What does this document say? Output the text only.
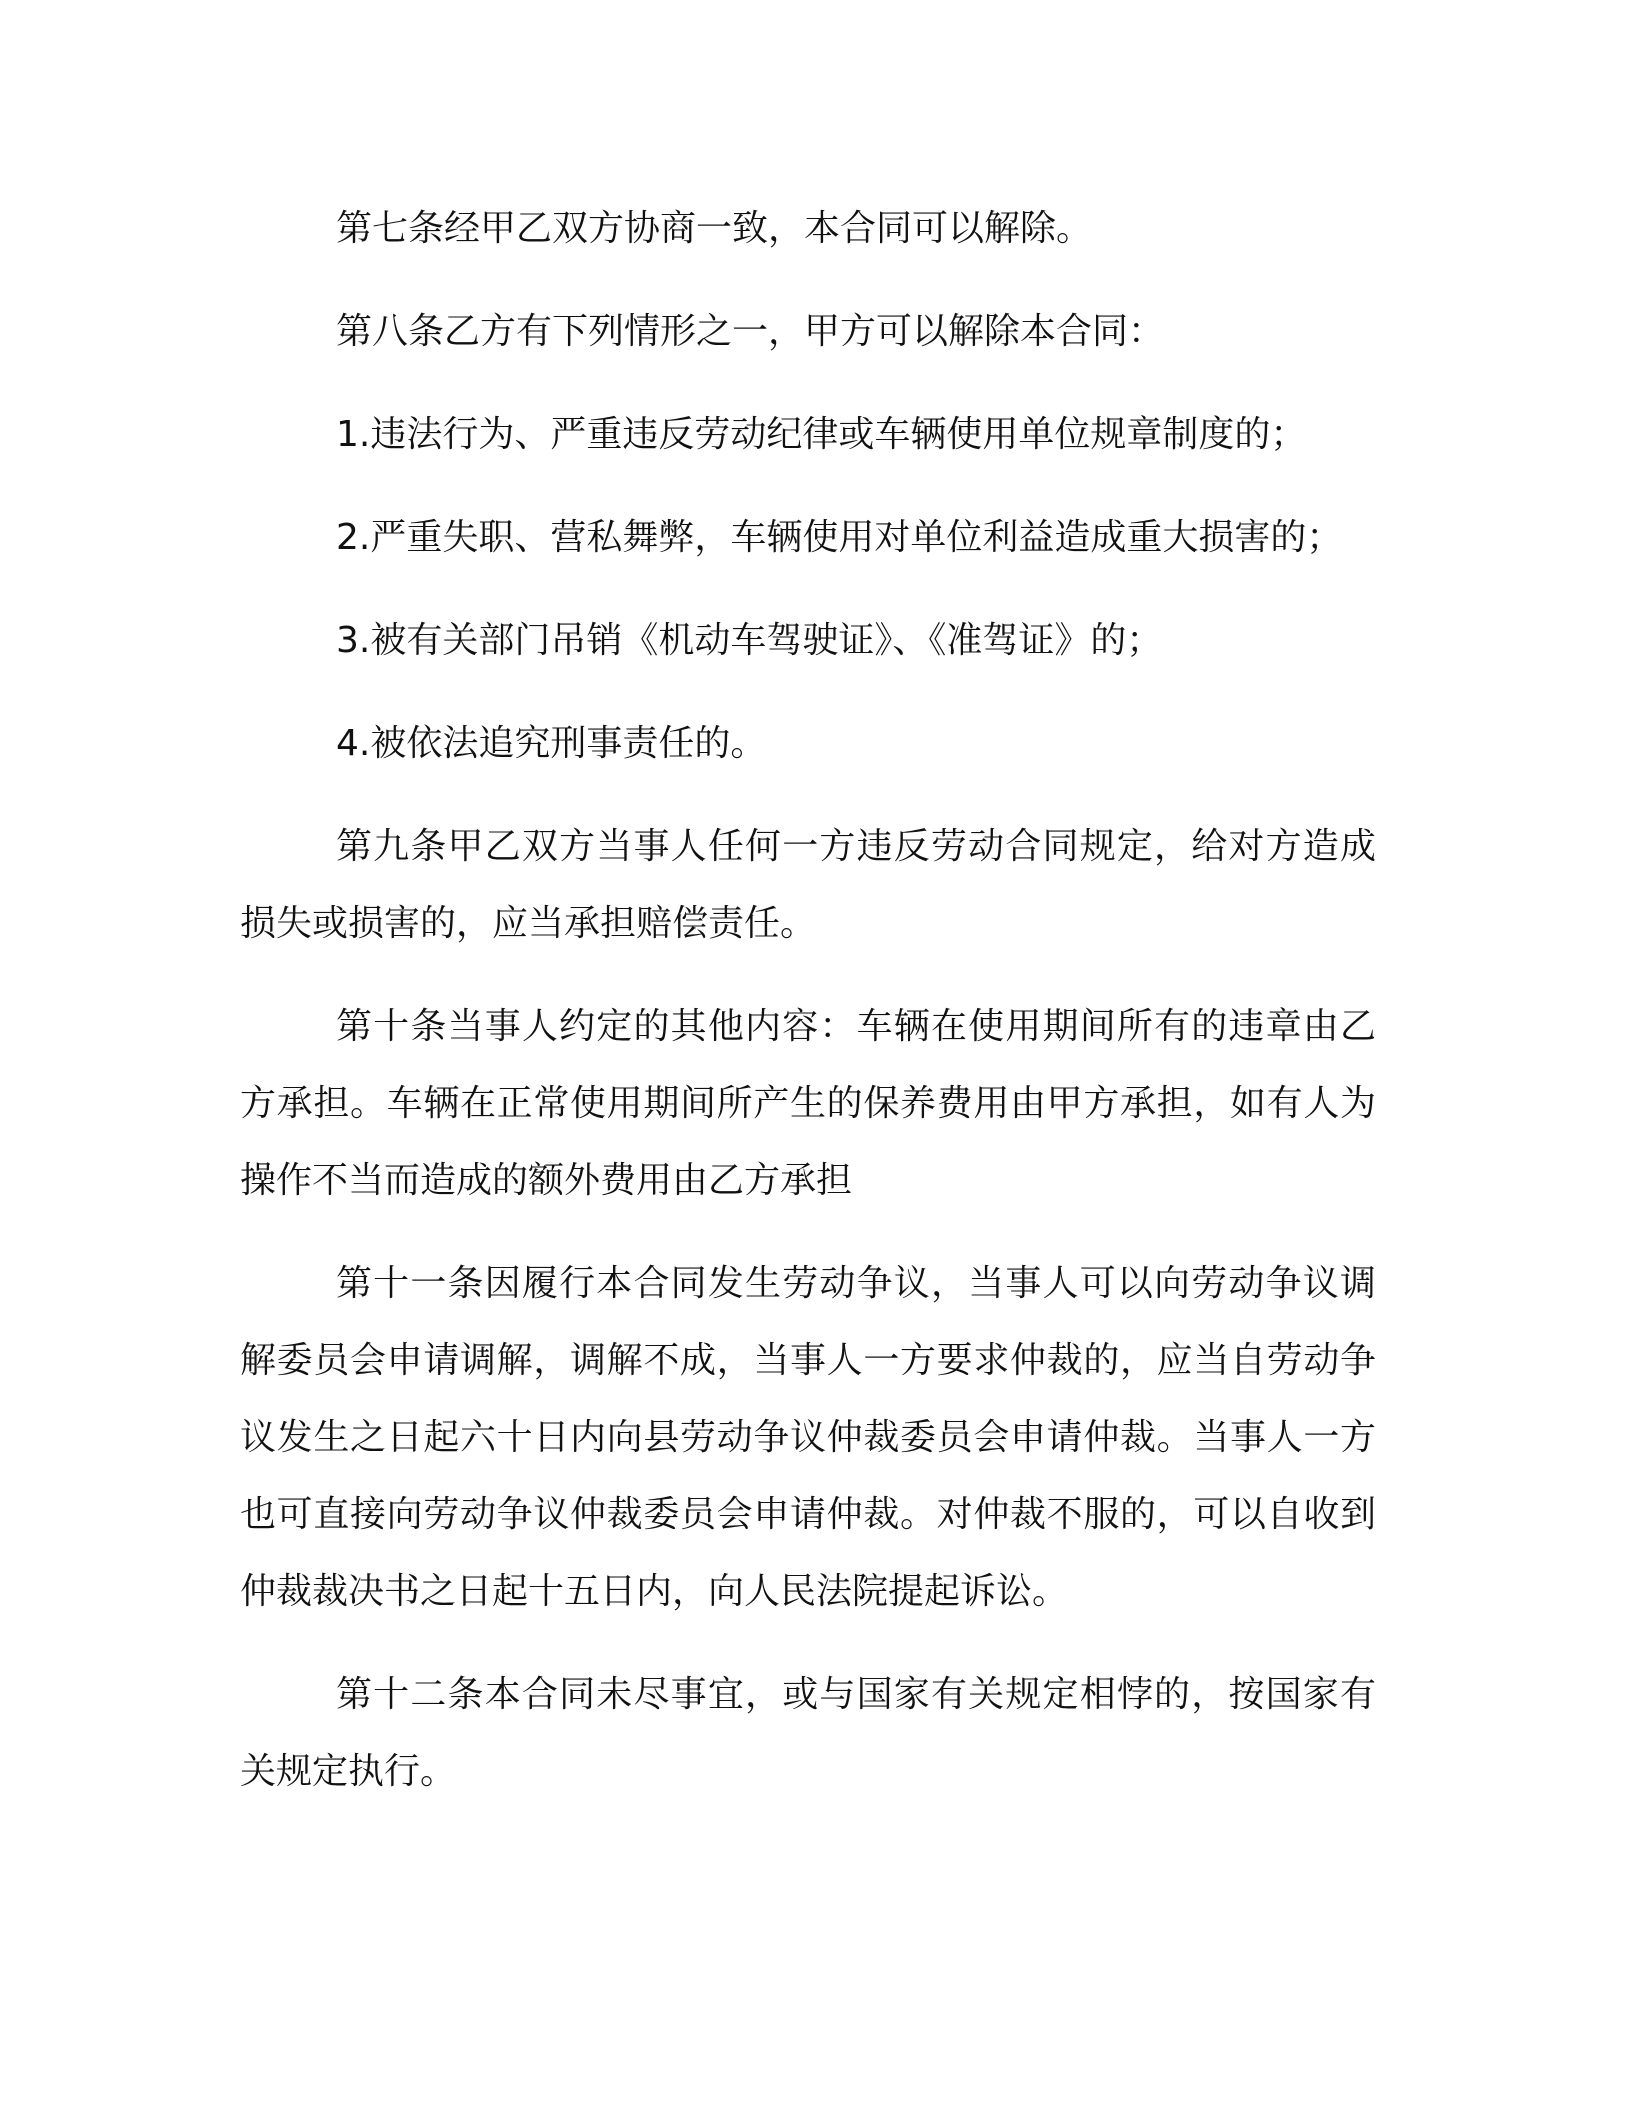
第七条经甲乙双方协商一致，本合同可以解除。

第八条乙方有下列情形之一，甲方可以解除本合同：

1.违法行为、严重违反劳动纪律或车辆使用单位规章制度的；

2.严重失职、营私舞弊，车辆使用对单位利益造成重大损害的；

3.被有关部门吊销《机动车驾驶证》、《准驾证》的；

4.被依法追究刑事责任的。

第九条甲乙双方当事人任何一方违反劳动合同规定，给对方造成损失或损害的，应当承担赔偿责任。

第十条当事人约定的其他内容：车辆在使用期间所有的违章由乙方承担。车辆在正常使用期间所产生的保养费用由甲方承担，如有人为操作不当而造成的额外费用由乙方承担

第十一条因履行本合同发生劳动争议，当事人可以向劳动争议调解委员会申请调解，调解不成，当事人一方要求仲裁的，应当自劳动争议发生之日起六十日内向县劳动争议仲裁委员会申请仲裁。当事人一方也可直接向劳动争议仲裁委员会申请仲裁。对仲裁不服的，可以自收到仲裁裁决书之日起十五日内，向人民法院提起诉讼。

第十二条本合同未尽事宜，或与国家有关规定相悖的，按国家有关规定执行。
